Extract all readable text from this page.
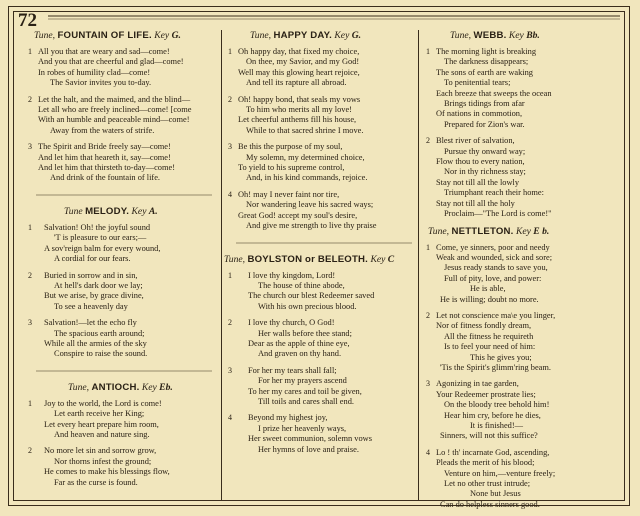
72
Tune, FOUNTAIN OF LIFE. Key G.
1 All you that are weary and sad—come!
And you that are cheerful and glad—come!
In robes of humility clad—come!
The Savior invites you to-day.
2 Let the halt, and the maimed, and the blind—
Let all who are freely inclined—come! [come
With an humble and peaceable mind—come!
Away from the waters of strife.
3 The Spirit and Bride freely say—come!
And let him that heareth it, say—come!
And let him that thirsteth to-day—come!
And drink of the fountain of life.
Tune MELODY. Key A.
1 Salvation! Oh! the joyful sound
'T is pleasure to our ears;—
A sov'reign balm for every wound,
A cordial for our fears.
2 Buried in sorrow and in sin,
At hell's dark door we lay;
But we arise, by grace divine,
To see a heavenly day
3 Salvation!—let the echo fly
The spacious earth around;
While all the armies of the sky
Conspire to raise the sound.
Tune, ANTIOCH. Key Eb.
1 Joy to the world, the Lord is come!
Let earth receive her King;
Let every heart prepare him room,
And heaven and nature sing.
2 No more let sin and sorrow grow,
Nor thorns infest the ground;
He comes to make his blessings flow,
Far as the curse is found.
Tune, HAPPY DAY. Key G.
1 Oh happy day, that fixed my choice,
On thee, my Savior, and my God!
Well may this glowing heart rejoice,
And tell its rapture all abroad.
2 Oh! happy bond, that seals my vows
To him who merits all my love!
Let cheerful anthems fill his house,
While to that sacred shrine I move.
3 Be this the purpose of my soul,
My solemn, my determined choice,
To yield to his supreme control,
And, in his kind commands, rejoice.
4 Oh! may I never faint nor tire,
Nor wandering leave his sacred ways;
Great God! accept my soul's desire,
And give me strength to live thy praise
Tune, BOYLSTON or BELEOTH. Key C
1 I love thy kingdom, Lord!
The house of thine abode,
The church our blest Redeemer saved
With his own precious blood.
2 I love thy church, O God!
Her walls before thee stand;
Dear as the apple of thine eye,
And graven on thy hand.
3 For her my tears shall fall;
For her my prayers ascend
To her my cares and toil be given,
Till toils and cares shall end.
4 Beyond my highest joy,
I prize her heavenly ways,
Her sweet communion, solemn vows
Her hymns of love and praise.
Tune, WEBB. Key Bb.
1 The morning light is breaking
The darkness disappears;
The sons of earth are waking
To penitential tears;
Each breeze that sweeps the ocean
Brings tidings from afar
Of nations in commotion,
Prepared for Zion's war.
2 Blest river of salvation,
Pursue thy onward way;
Flow thou to every nation,
Nor in thy richness stay;
Stay not till all the lowly
Triumphant reach their home:
Stay not till all the holy
Proclaim—"The Lord is come!"
Tune, NETTLETON. Key E b.
1 Come, ye sinners, poor and needy
Weak and wounded, sick and sore;
Jesus ready stands to save you,
Full of pity, love, and power:
He is able,
He is willing; doubt no more.
2 Let not conscience ma\e you linger,
Nor of fitness fondly dream,
All the fitness he requireth
Is to feel your need of him:
This he gives you;
'Tis the Spirit's glimm'ring beam.
3 Agonizing in tae garden,
Your Redeemer prostrate lies;
On the bloody tree behold him!
Hear him cry, before he dies,
It is finished!—
Sinners, will not this suffice?
4 Lo ! th' incarnate God, ascending,
Pleads the merit of his blood;
Venture on him,—venture freely;
Let no other trust intrude;
None but Jesus
Can do helpless sinners good.
